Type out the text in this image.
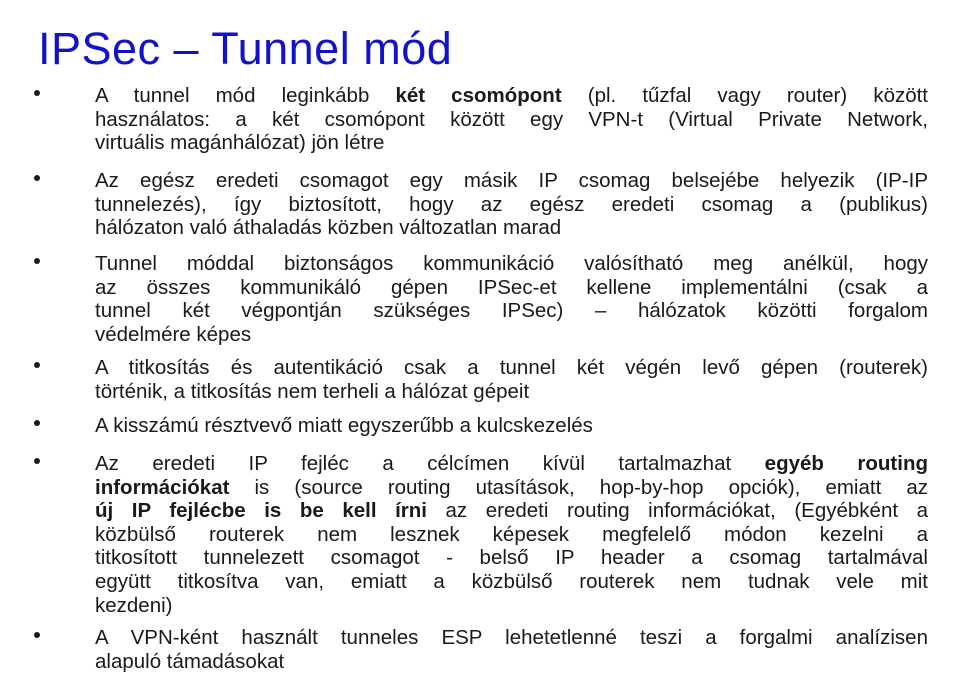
IPSec – Tunnel mód
A tunnel mód leginkább két csomópont (pl. tűzfal vagy router) között
használatos: a két csomópont között egy VPN-t (Virtual Private Network,
virtuális magánhálózat) jön létre
Az egész eredeti csomagot egy másik IP csomag belsejébe helyezik (IP-IP
tunnelezés), így biztosított, hogy az egész eredeti csomag a (publikus)
hálózaton való áthaladás közben változatlan marad
Tunnel móddal biztonságos kommunikáció valósítható meg anélkül, hogy
az összes kommunikáló gépen IPSec-et kellene implementálni (csak a
tunnel két végpontján szükséges IPSec) – hálózatok közötti forgalom
védelmére képes
A titkosítás és autentikáció csak a tunnel két végén levő gépen (routerek)
történik, a titkosítás nem terheli a hálózat gépeit
A kisszámú résztvevő miatt egyszerűbb a kulcskezelés
Az eredeti IP fejléc a célcímen kívül tartalmazhat egyéb routing
információkat is (source routing utasítások, hop-by-hop opciók), emiatt az
új IP fejlécbe is be kell írni az eredeti routing információkat, (Egyébként a
közbülső routerek nem lesznek képesek megfelelő módon kezelni a
titkosított tunnelezett csomagot - belső IP header a csomag tartalmával
együtt titkosítva van, emiatt a közbülső routerek nem tudnak vele mit
kezdeni)
A VPN-ként használt tunneles ESP lehetetlenné teszi a forgalmi analízisen
alapuló támadásokat
